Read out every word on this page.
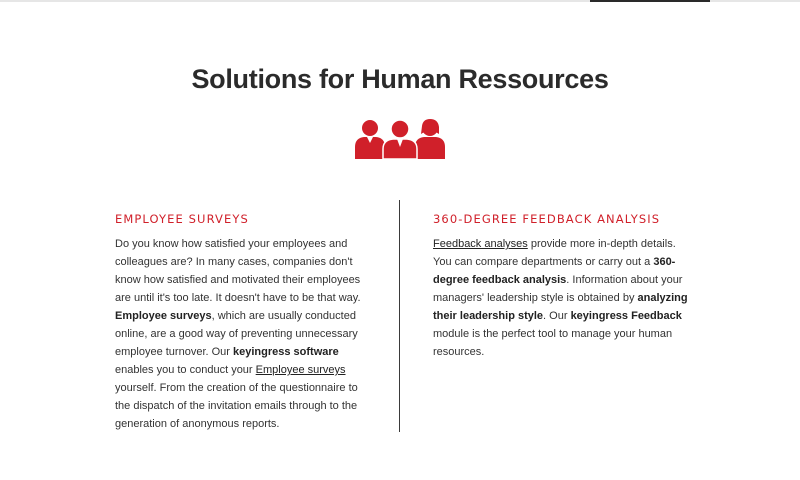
Solutions for Human Ressources
EMPLOYEE SURVEYS

Do you know how satisfied your employees and colleagues are? In many cases, companies don't know how satisfied and motivated their employees are until it's too late. It doesn't have to be that way. Employee surveys, which are usually conducted online, are a good way of preventing unnecessary employee turnover. Our keyingress software enables you to conduct your Employee surveys yourself. From the creation of the questionnaire to the dispatch of the invitation emails through to the generation of anonymous reports.

360-DEGREE FEEDBACK ANALYSIS

Feedback analyses provide more in-depth details. You can compare departments or carry out a 360-degree feedback analysis. Information about your managers' leadership style is obtained by analyzing their leadership style. Our keyingress Feedback module is the perfect tool to manage your human resources.
